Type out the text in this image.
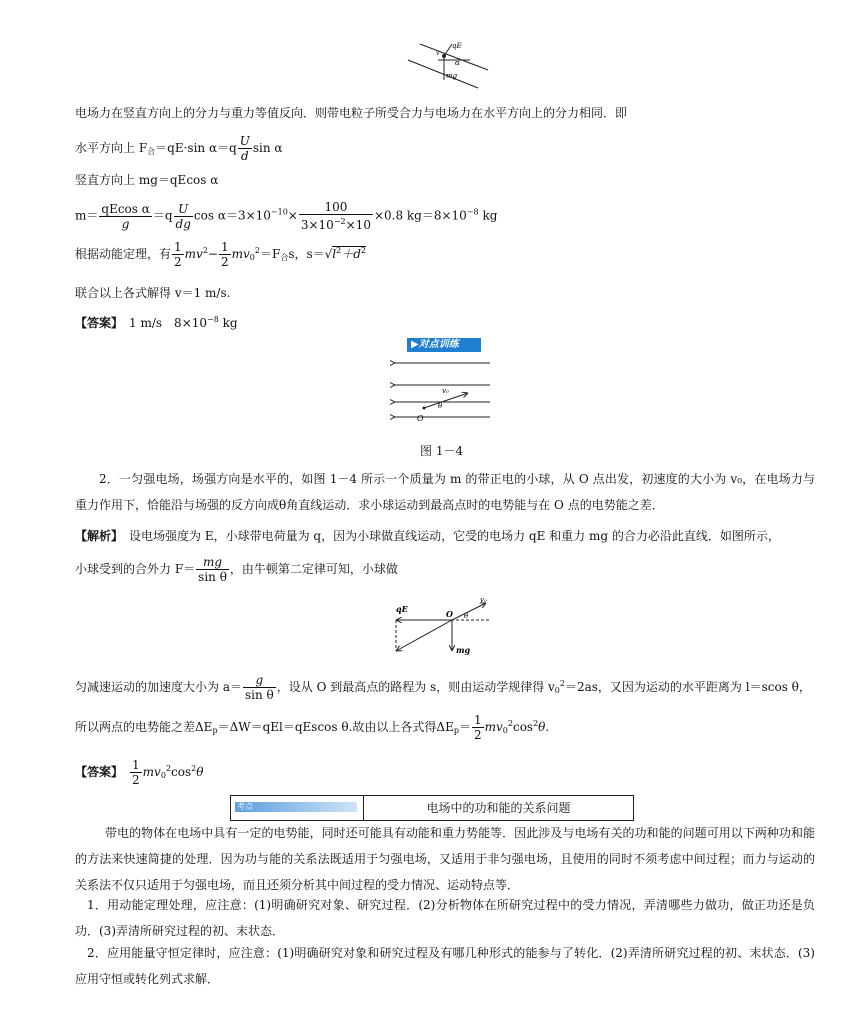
qE
α
v
mg
电场力在竖直方向上的分力与重力等值反向．则带电粒子所受合力与电场力在水平方向上的分力相同．即
水平方向上 $F_合=qE\cdot\sin$ $\alpha=q \frac{U}{d}$ sin α
竖直方向上 mg＝qEcos α
$m= \frac{\text{qEcos α}}{g} =q \frac{U}{dg}$ $\cos \alpha=3\times 10^{-10}\times \frac{100}{3\times 10^{-2}\times 10} \times 0.8$ $kg=8\times 10^{-8}$ kg
根据动能定理，有 $\frac{1}{2} mv^2- \frac{1}{2} mv_0^2=F_合s$，$s=√l^2+d^2$
联合以上各式解得 v＝1 m/s.
【答案】　 1 m/s　$8\times 10^{-8}$ kg
▶对点训练
v₀
θ
O
图 1－4
2．一匀强电场，场强方向是水平的，如图 1－4 所示一个质量为 m 的带正电的小球，从 O 点出发，初速度的大小为 v₀，在电场力与重力作用下，恰能沿与场强的反方向成θ角直线运动．求小球运动到最高点时的电势能与在 O 点的电势能之差．
【解析】　 设电场强度为 E，小球带电荷量为 q，因为小球做直线运动，它受的电场力 qE 和重力 mg 的合力必沿此直线．如图所示，
小球受到的合外力 $F= \frac{mg}{\text{sin θ}}$ ，由牛顿第二定律可知，小球做
qE	O
v₀
θ
mg
匀减速运动的加速度大小为 $a= \frac{g}{\text{sin θ}}$ ，设从 O 到最高点的路程为 s，则由运动学规律得 $v_0^2=2as$，又因为运动的水平距离为 l＝scos θ，
所以两点的电势能之差$\Delta E_p=\Delta W=qEl=qEscos$ θ.故由以上各式得$\Delta E_p= \frac{1}{2} mv_0^2\cos^2\theta$.
【答案】　 $\frac{1}{2} mv_0^2\cos^2\theta$
考点	电场中的功和能的关系问题
带电的物体在电场中具有一定的电势能，同时还可能具有动能和重力势能等．因此涉及与电场有关的功和能的问题可用以下两种功和能的方法来快速简捷的处理．因为功与能的关系法既适用于匀强电场，又适用于非匀强电场，且使用的同时不须考虑中间过程；而力与运动的关系法不仅只适用于匀强电场，而且还须分析其中间过程的受力情况、运动特点等．
1．用动能定理处理，应注意：(1)明确研究对象、研究过程．(2)分析物体在所研究过程中的受力情况，弄清哪些力做功，做正功还是负功．(3)弄清所研究过程的初、末状态．
2．应用能量守恒定律时，应注意：(1)明确研究对象和研究过程及有哪几种形式的能参与了转化．(2)弄清所研究过程的初、末状态．(3)应用守恒或转化列式求解．
